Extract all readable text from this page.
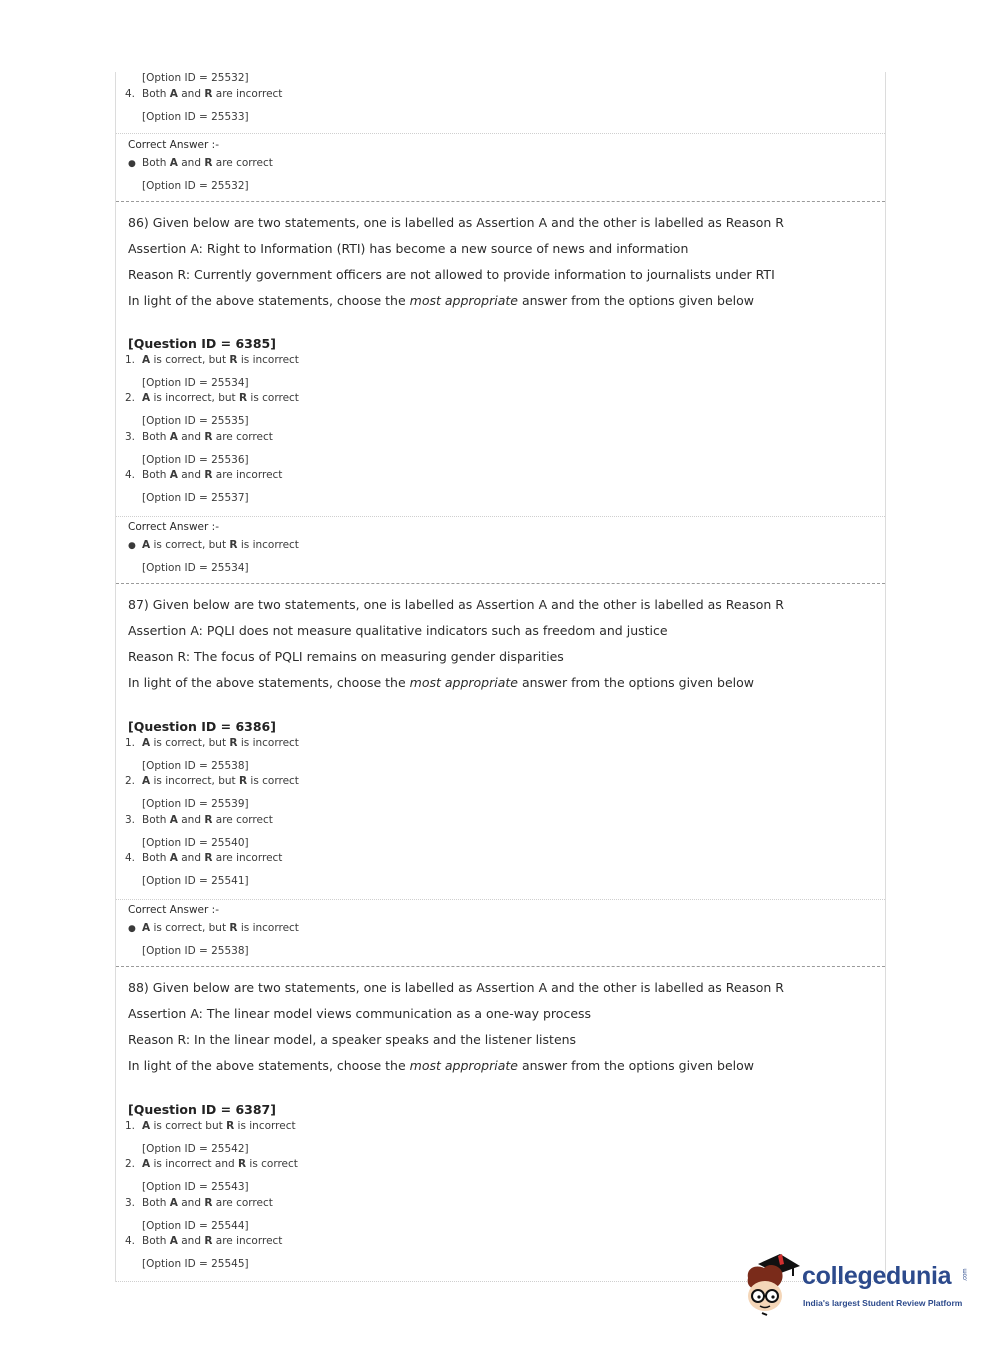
[Option ID = 25532]
4. Both A and R are incorrect
[Option ID = 25533]
Correct Answer :-
● Both A and R are correct
[Option ID = 25532]
86) Given below are two statements, one is labelled as Assertion A and the other is labelled as Reason R
Assertion A: Right to Information (RTI) has become a new source of news and information
Reason R: Currently government officers are not allowed to provide information to journalists under RTI
In light of the above statements, choose the most appropriate answer from the options given below
[Question ID = 6385]
1. A is correct, but R is incorrect
[Option ID = 25534]
2. A is incorrect, but R is correct
[Option ID = 25535]
3. Both A and R are correct
[Option ID = 25536]
4. Both A and R are incorrect
[Option ID = 25537]
Correct Answer :-
● A is correct, but R is incorrect
[Option ID = 25534]
87) Given below are two statements, one is labelled as Assertion A and the other is labelled as Reason R
Assertion A: PQLI does not measure qualitative indicators such as freedom and justice
Reason R: The focus of PQLI remains on measuring gender disparities
In light of the above statements, choose the most appropriate answer from the options given below
[Question ID = 6386]
1. A is correct, but R is incorrect
[Option ID = 25538]
2. A is incorrect, but R is correct
[Option ID = 25539]
3. Both A and R are correct
[Option ID = 25540]
4. Both A and R are incorrect
[Option ID = 25541]
Correct Answer :-
● A is correct, but R is incorrect
[Option ID = 25538]
88) Given below are two statements, one is labelled as Assertion A and the other is labelled as Reason R
Assertion A: The linear model views communication as a one-way process
Reason R: In the linear model, a speaker speaks and the listener listens
In light of the above statements, choose the most appropriate answer from the options given below
[Question ID = 6387]
1. A is correct but R is incorrect
[Option ID = 25542]
2. A is incorrect and R is correct
[Option ID = 25543]
3. Both A and R are correct
[Option ID = 25544]
4. Both A and R are incorrect
[Option ID = 25545]	collegedunia .com
India's largest Student Review Platform
